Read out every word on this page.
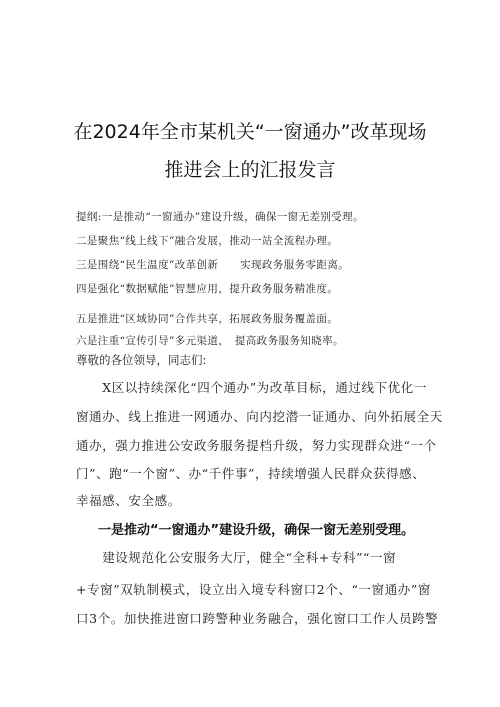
在2024年全市某机关“一窗通办”改革现场
推进会上的汇报发言
提纲:一是推动“一窗通办”建设升级，确保一窗无差别受理。
二是聚焦“线上线下”融合发展，推动一站全流程办理。
三是围绕“民生温度”改革创新　　实现政务服务零距离。
四是强化“数据赋能”智慧应用，提升政务服务精准度。
五是推进“区域协同”合作共享，拓展政务服务覆盖面。
六是注重“宣传引导”多元渠道，　提高政务服务知晓率。
尊敬的各位领导，同志们:
　　X区以持续深化“四个通办”为改革目标，通过线下优化一
窗通办、线上推进一网通办、向内挖潜一证通办、向外拓展全天
通办，强力推进公安政务服务提档升级，努力实现群众进“一个
门”、跑“一个窗”、办“千件事”，持续增强人民群众获得感、
幸福感、安全感。
一是推动“一窗通办”建设升级，确保一窗无差别受理。
　　建设规范化公安服务大厅，健全“全科+专科”“一窗
+专窗”双轨制模式，设立出入境专科窗口2个、“一窗通办”窗
口3个。加快推进窗口跨警种业务融合，强化窗口工作人员跨警
